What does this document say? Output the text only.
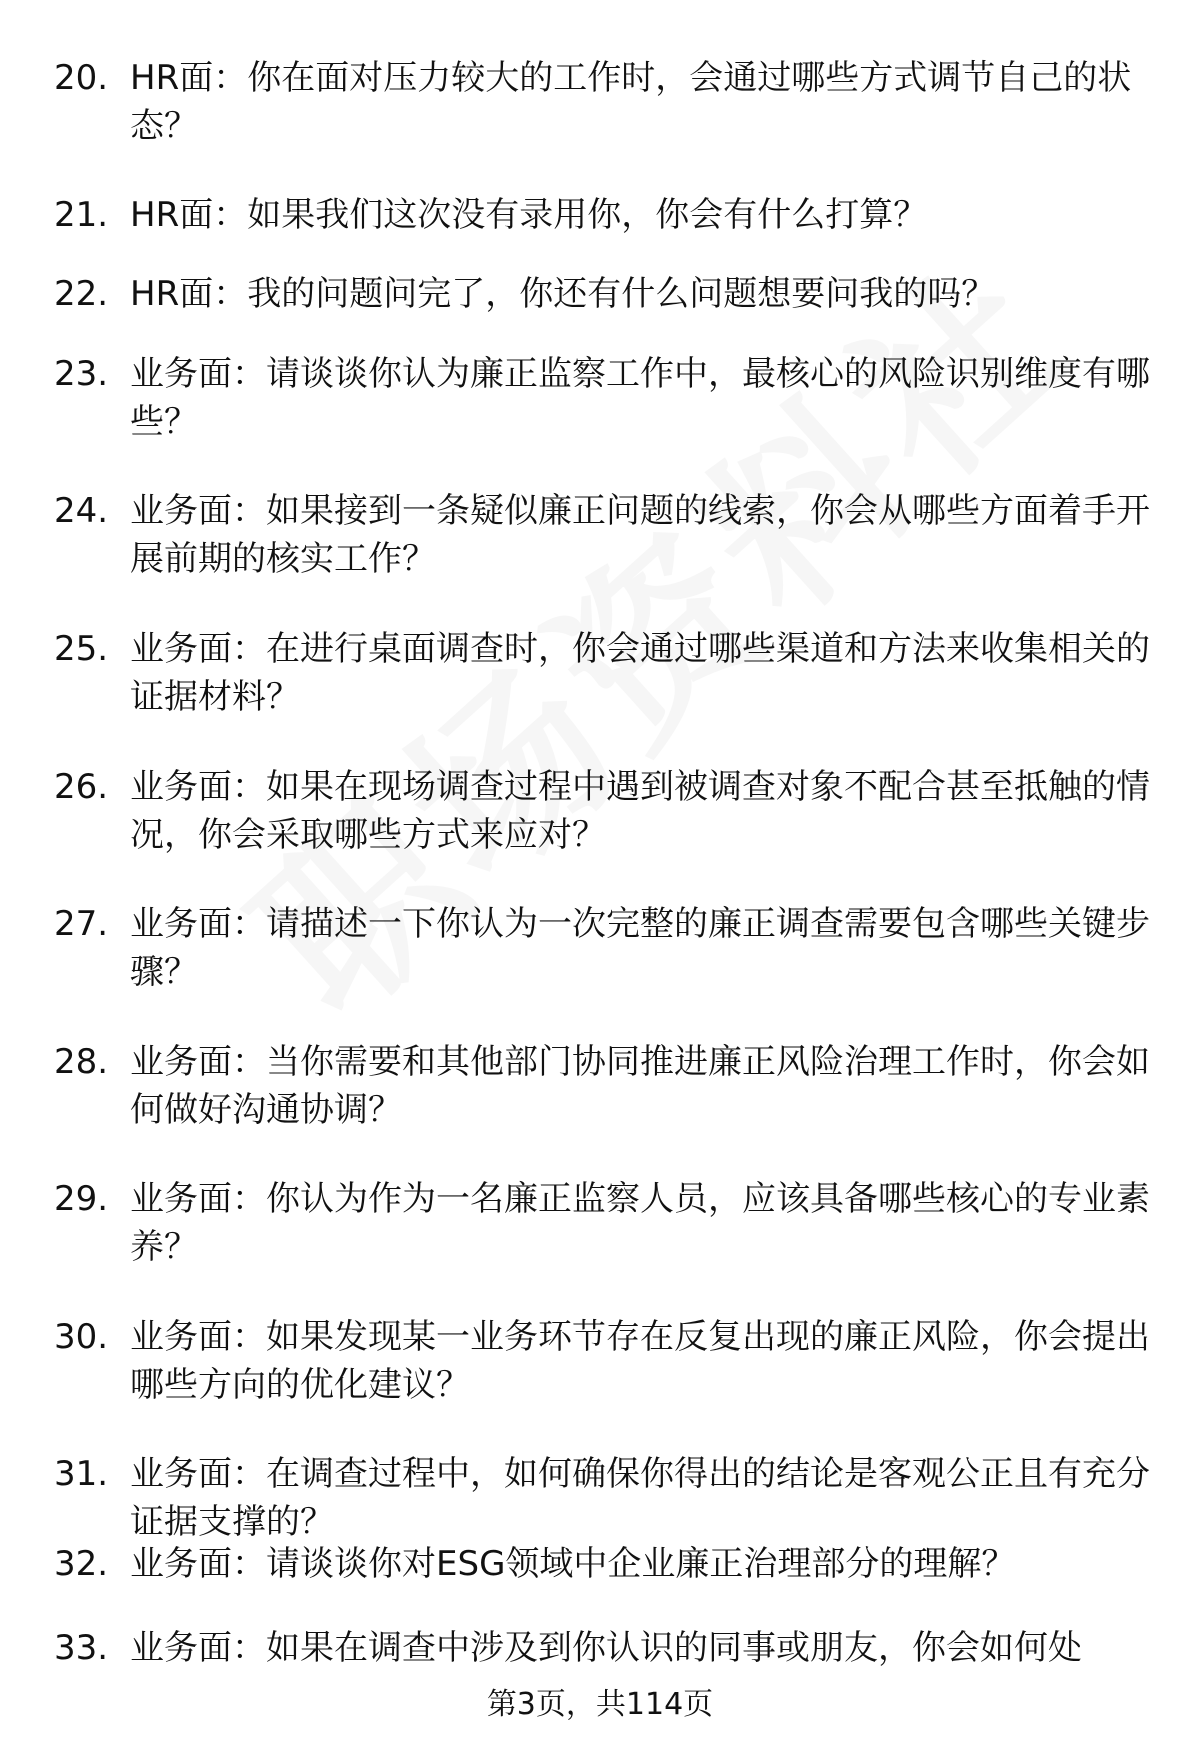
20. HR面：你在面对压力较大的工作时，会通过哪些方式调节自己的状态？
21. HR面：如果我们这次没有录用你，你会有什么打算？
22. HR面：我的问题问完了，你还有什么问题想要问我的吗？
23. 业务面：请谈谈你认为廉正监察工作中，最核心的风险识别维度有哪些？
24. 业务面：如果接到一条疑似廉正问题的线索，你会从哪些方面着手开展前期的核实工作？
25. 业务面：在进行桌面调查时，你会通过哪些渠道和方法来收集相关的证据材料？
26. 业务面：如果在现场调查过程中遇到被调查对象不配合甚至抵触的情况，你会采取哪些方式来应对？
27. 业务面：请描述一下你认为一次完整的廉正调查需要包含哪些关键步骤？
28. 业务面：当你需要和其他部门协同推进廉正风险治理工作时，你会如何做好沟通协调？
29. 业务面：你认为作为一名廉正监察人员，应该具备哪些核心的专业素养？
30. 业务面：如果发现某一业务环节存在反复出现的廉正风险，你会提出哪些方向的优化建议？
31. 业务面：在调查过程中，如何确保你得出的结论是客观公正且有充分证据支撑的？
32. 业务面：请谈谈你对ESG领域中企业廉正治理部分的理解？
33. 业务面：如果在调查中涉及到你认识的同事或朋友，你会如何处
第3页，共114页
